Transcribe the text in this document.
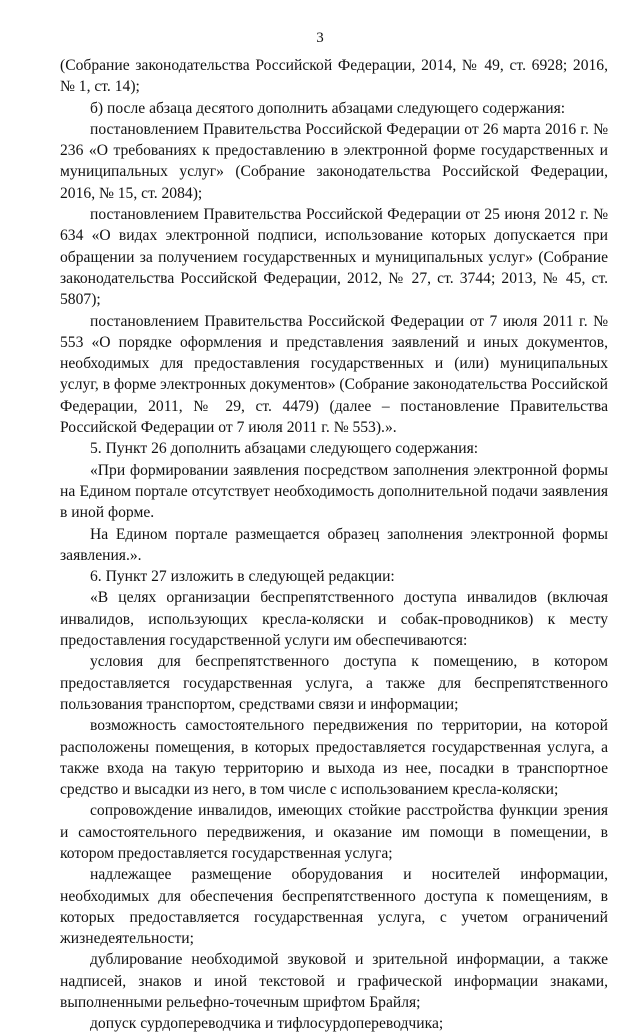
3

(Собрание законодательства Российской Федерации, 2014, № 49, ст. 6928; 2016, № 1, ст. 14);

б) после абзаца десятого дополнить абзацами следующего содержания:

постановлением Правительства Российской Федерации от 26 марта 2016 г. № 236 «О требованиях к предоставлению в электронной форме государственных и муниципальных услуг» (Собрание законодательства Российской Федерации, 2016, № 15, ст. 2084);

постановлением Правительства Российской Федерации от 25 июня 2012 г. № 634 «О видах электронной подписи, использование которых допускается при обращении за получением государственных и муниципальных услуг» (Собрание законодательства Российской Федерации, 2012, № 27, ст. 3744; 2013, № 45, ст. 5807);

постановлением Правительства Российской Федерации от 7 июля 2011 г. № 553 «О порядке оформления и представления заявлений и иных документов, необходимых для предоставления государственных и (или) муниципальных услуг, в форме электронных документов» (Собрание законодательства Российской Федерации, 2011, № 29, ст. 4479) (далее – постановление Правительства Российской Федерации от 7 июля 2011 г. № 553).».

5. Пункт 26 дополнить абзацами следующего содержания:

«При формировании заявления посредством заполнения электронной формы на Едином портале отсутствует необходимость дополнительной подачи заявления в иной форме.

На Едином портале размещается образец заполнения электронной формы заявления.».

6. Пункт 27 изложить в следующей редакции:

«В целях организации беспрепятственного доступа инвалидов (включая инвалидов, использующих кресла-коляски и собак-проводников) к месту предоставления государственной услуги им обеспечиваются:

условия для беспрепятственного доступа к помещению, в котором предоставляется государственная услуга, а также для беспрепятственного пользования транспортом, средствами связи и информации;

возможность самостоятельного передвижения по территории, на которой расположены помещения, в которых предоставляется государственная услуга, а также входа на такую территорию и выхода из нее, посадки в транспортное средство и высадки из него, в том числе с использованием кресла-коляски;

сопровождение инвалидов, имеющих стойкие расстройства функции зрения и самостоятельного передвижения, и оказание им помощи в помещении, в котором предоставляется государственная услуга;

надлежащее размещение оборудования и носителей информации, необходимых для обеспечения беспрепятственного доступа к помещениям, в которых предоставляется государственная услуга, с учетом ограничений жизнедеятельности;

дублирование необходимой звуковой и зрительной информации, а также надписей, знаков и иной текстовой и графической информации знаками, выполненными рельефно-точечным шрифтом Брайля;

допуск сурдопереводчика и тифлосурдопереводчика;
